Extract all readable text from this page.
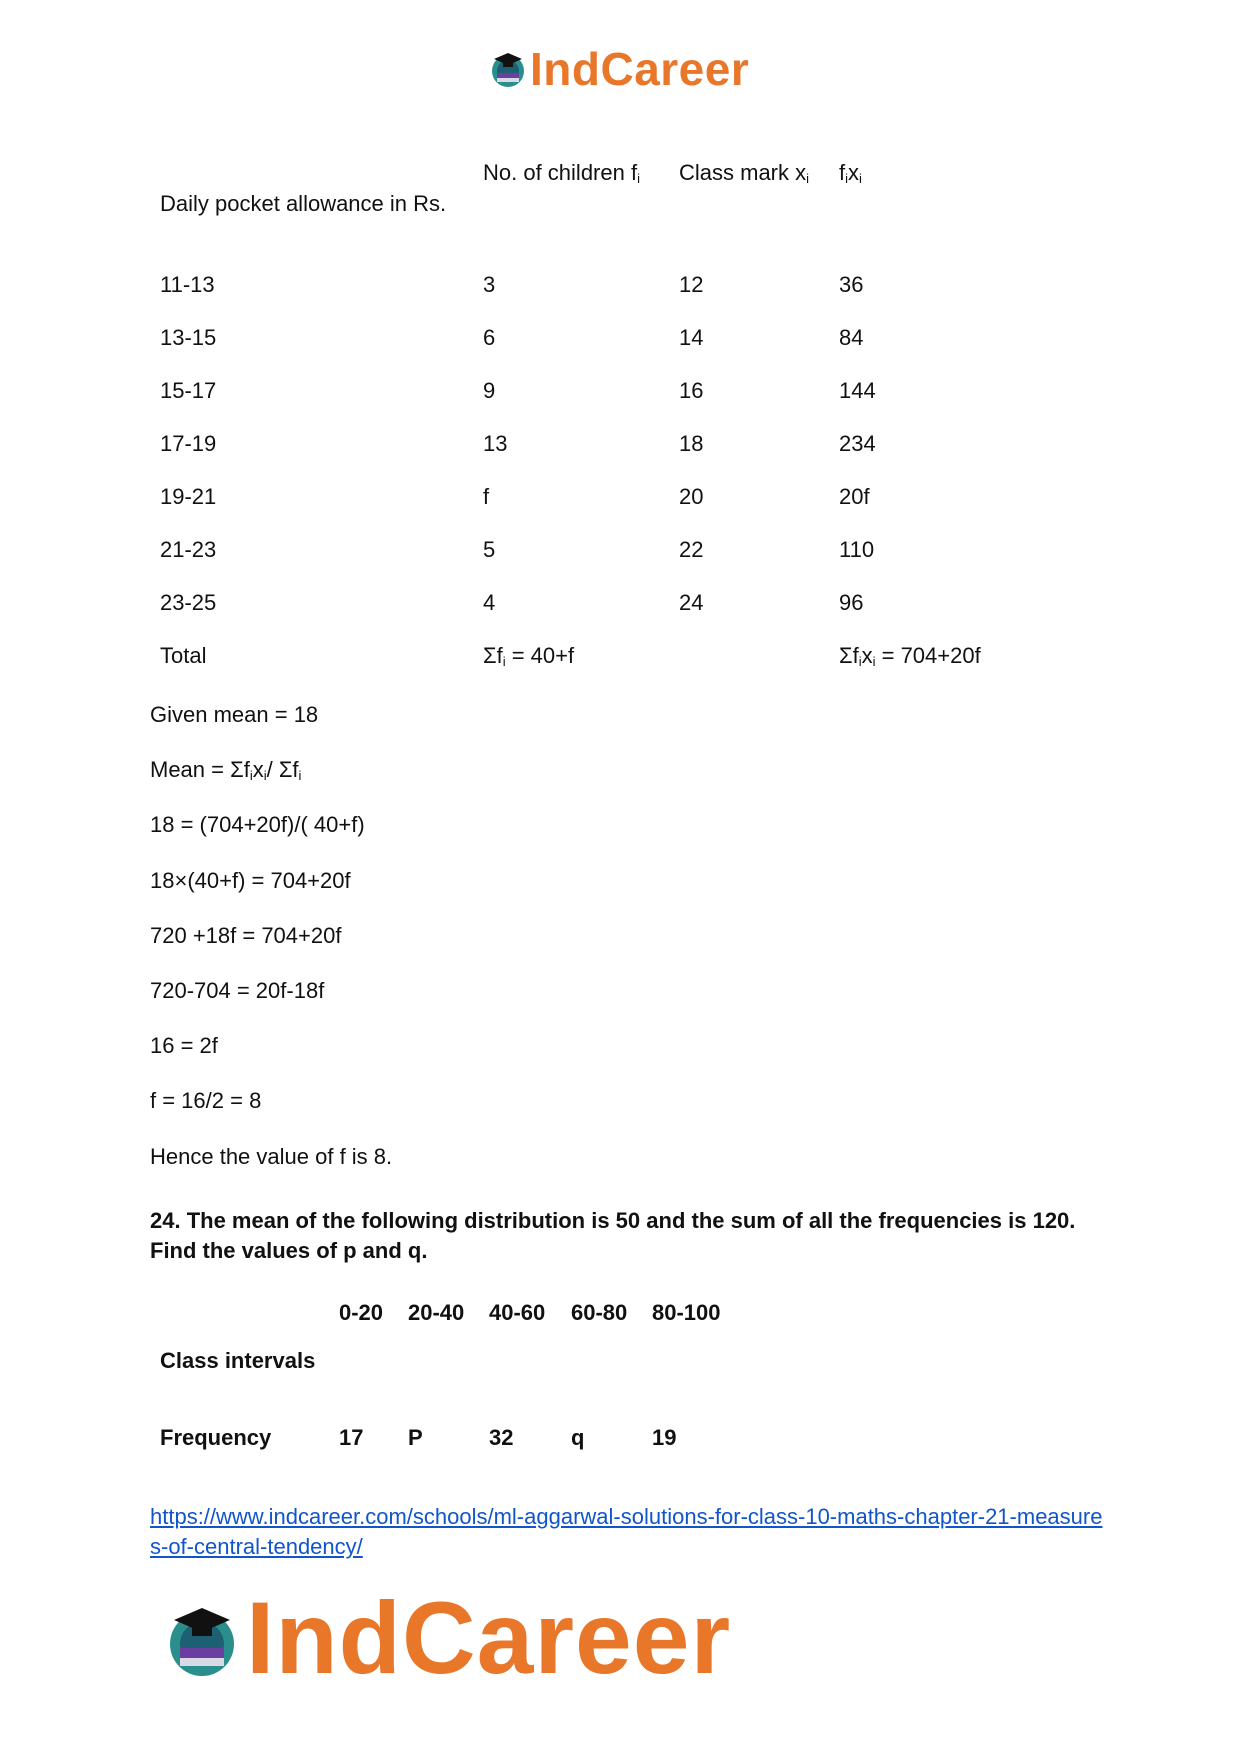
IndCareer
Daily pocket allowance in Rs.	No. of children $f_i$	Class mark $x_i$	$f_ix_i$
11-13	3	12	36
13-15	6	14	84
15-17	9	16	144
17-19	13	18	234
19-21	f	20	20f
21-23	5	22	110
23-25	4	24	96
Total	$\Sigma f_i = 40+f$		$\Sigma f_ix_i = 704+20f$

Given mean = 18

Mean = $\Sigma f_ix_i/$ $\Sigma f_i$

18 = (704+20f)/( 40+f)

18×(40+f) = 704+20f

720 +18f = 704+20f

720-704 = 20f-18f

16 = 2f

f = 16/2 = 8

Hence the value of f is 8.

24. The mean of the following distribution is 50 and the sum of all the frequencies is 120. Find the values of p and q.
Class intervals	0-20	20-40	40-60	60-80	80-100
Frequency	17	P	32	q	19
https://www.indcareer.com/schools/ml-aggarwal-solutions-for-class-10-maths-chapter-21-measures-of-central-tendency/
IndCareer
